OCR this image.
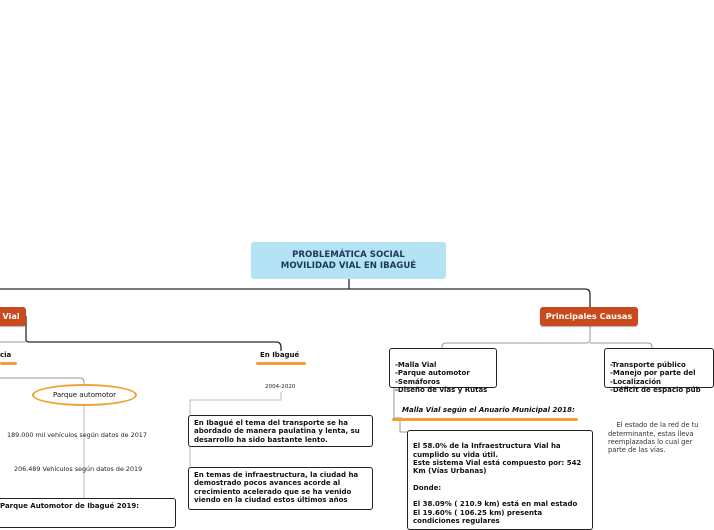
PROBLEMÁTICA SOCIAL
MOVILIDAD VIAL EN IBAGUÉ
Vial	Principales Causas
cia
Parque automotor
189.000 mil vehículos según datos de 2017
206.489 Vehículos según datos de 2019
Parque Automotor de Ibagué 2019:
En Ibagué
2004-2020
En Ibagué el tema del transporte se ha abordado de manera paulatina y lenta, su desarrollo ha sido bastante lento.
En temas de infraestructura, la ciudad ha demostrado pocos avances acorde al crecimiento acelerado que se ha venido viendo en la ciudad estos últimos años

-Malla Vial
-Parque automotor
-Semáforos
-Diseño de vías y Rutas

-Transporte público
-Manejo por parte del
-Localización
-Déficit de espacio púb

Malla Vial según el Anuario Municipal 2018:

El 58.0% de la Infraestructura Vial ha cumplido su vida útil.
Este sistema Vial está compuesto por: 542 Km (Vías Urbanas)

Donde:

El 38.09% ( 210.9 km) está en mal estado
El 19.60% ( 106.25 km) presenta condiciones regulares

El estado de la red de tu
determinante, estas lleva
reemplazadas lo cual ger
parte de las vías.
